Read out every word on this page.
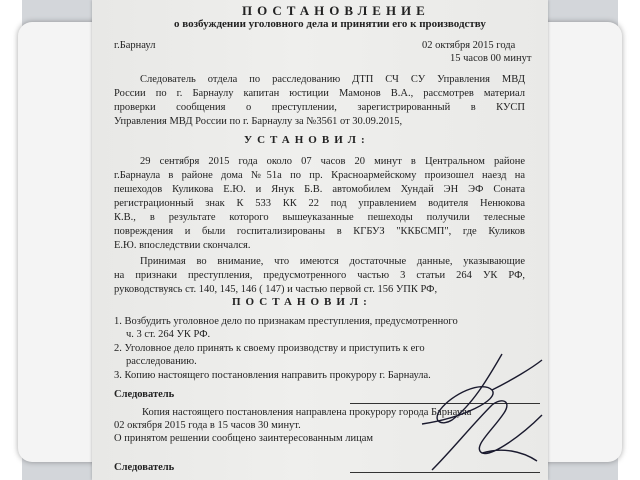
ПОСТАНОВЛЕНИЕ
о возбуждении уголовного дела и принятии его к производству
г.Барнаул	02 октября 2015 года
15 часов 00 минут
Следователь отдела по расследованию ДТП СЧ СУ Управления МВД
России по г. Барнаулу капитан юстиции Мамонов В.А., рассмотрев материал
проверки сообщения о преступлении, зарегистрированный в КУСП
Управления МВД России по г. Барнаулу за №3561 от 30.09.2015,
УСТАНОВИЛ:
29 сентября 2015 года около 07 часов 20 минут в Центральном районе
г.Барнаула в районе дома №51а по пр. Красноармейскому произошел наезд на
пешеходов Куликова Е.Ю. и Янук Б.В. автомобилем Хундай ЭН ЭФ Соната
регистрационный знак К 533 КК 22 под управлением водителя Ненюкова
К.В., в результате которого вышеуказанные пешеходы получили телесные
повреждения и были госпитализированы в КГБУЗ "ККБСМП", где Куликов
Е.Ю. впоследствии скончался.
Принимая во внимание, что имеются достаточные данные, указывающие
на признаки преступления, предусмотренного частью 3 статьи 264 УК РФ,
руководствуясь ст. 140, 145, 146 ( 147) и частью первой ст. 156 УПК РФ,
ПОСТАНОВИЛ:
1. Возбудить уголовное дело по признакам преступления, предусмотренного
ч. 3 ст. 264 УК РФ.
2. Уголовное дело принять к своему производству и приступить к его
расследованию.
3. Копию настоящего постановления направить прокурору г. Барнаула.
Следователь
Копия настоящего постановления направлена прокурору города Барнаула
02 октября 2015 года в 15 часов 30 минут.
О принятом решении сообщено заинтересованным лицам
Следователь
